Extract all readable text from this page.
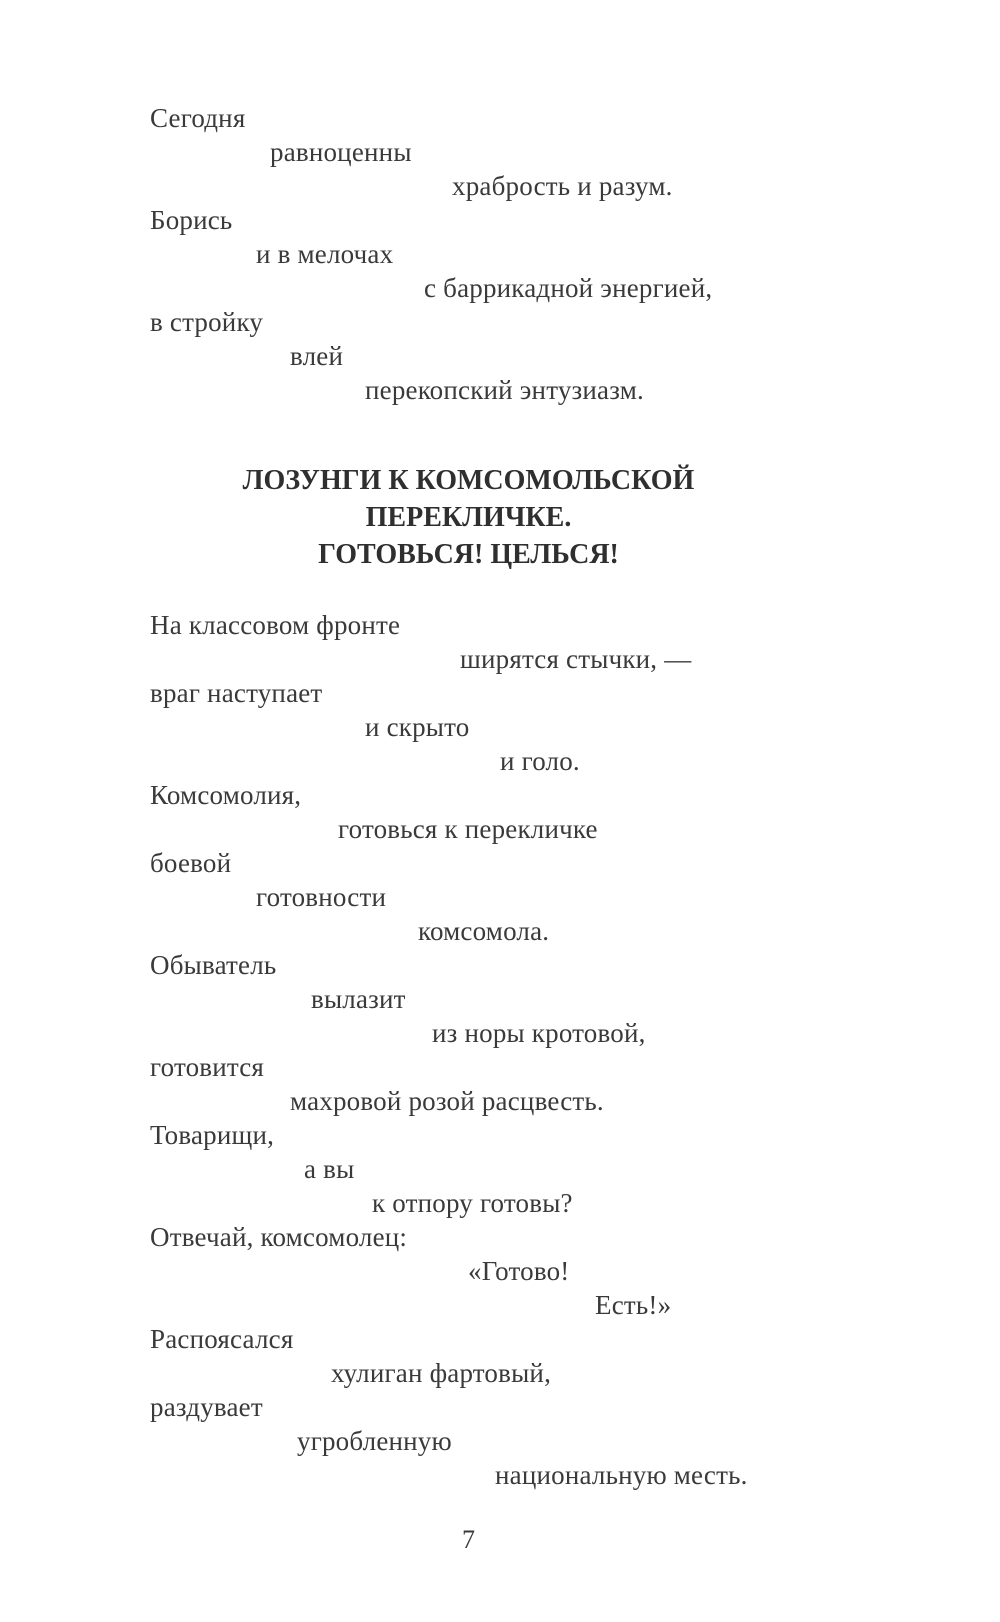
Сегодня
равноценны
храбрость и разум.
Борись
и в мелочах
с баррикадной энергией,
в стройку
влей
перекопский энтузиазм.
ЛОЗУНГИ К КОМСОМОЛЬСКОЙ
ПЕРЕКЛИЧКЕ.
ГОТОВЬСЯ! ЦЕЛЬСЯ!
На классовом фронте
ширятся стычки, —
враг наступает
и скрыто
и голо.
Комсомолия,
готовься к перекличке
боевой
готовности
комсомола.
Обыватель
вылазит
из норы кротовой,
готовится
махровой розой расцвесть.
Товарищи,
а вы
к отпору готовы?
Отвечай, комсомолец:
«Готово!
Есть!»
Распоясался
хулиган фартовый,
раздувает
угробленную
национальную месть.
7
